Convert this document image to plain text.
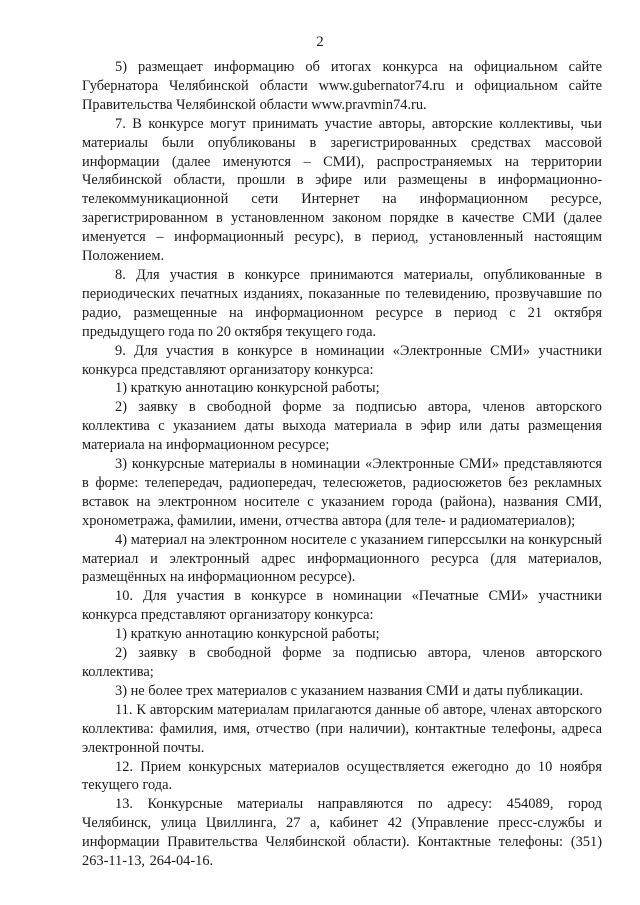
2

5) размещает информацию об итогах конкурса на официальном сайте Губернатора Челябинской области www.gubernator74.ru и официальном сайте Правительства Челябинской области www.pravmin74.ru.

7. В конкурсе могут принимать участие авторы, авторские коллективы, чьи материалы были опубликованы в зарегистрированных средствах массовой информации (далее именуются – СМИ), распространяемых на территории Челябинской области, прошли в эфире или размещены в информационно-телекоммуникационной сети Интернет на информационном ресурсе, зарегистрированном в установленном законом порядке в качестве СМИ (далее именуется – информационный ресурс), в период, установленный настоящим Положением.

8. Для участия в конкурсе принимаются материалы, опубликованные в периодических печатных изданиях, показанные по телевидению, прозвучавшие по радио, размещенные на информационном ресурсе в период с 21 октября предыдущего года по 20 октября текущего года.

9. Для участия в конкурсе в номинации «Электронные СМИ» участники конкурса представляют организатору конкурса:

1) краткую аннотацию конкурсной работы;

2) заявку в свободной форме за подписью автора, членов авторского коллектива с указанием даты выхода материала в эфир или даты размещения материала на информационном ресурсе;

3) конкурсные материалы в номинации «Электронные СМИ» представляются в форме: телепередач, радиопередач, телесюжетов, радиосюжетов без рекламных вставок на электронном носителе с указанием города (района), названия СМИ, хронометража, фамилии, имени, отчества автора (для теле- и радиоматериалов);

4) материал на электронном носителе с указанием гиперссылки на конкурсный материал и электронный адрес информационного ресурса (для материалов, размещённых на информационном ресурсе).

10. Для участия в конкурсе в номинации «Печатные СМИ» участники конкурса представляют организатору конкурса:

1) краткую аннотацию конкурсной работы;

2) заявку в свободной форме за подписью автора, членов авторского коллектива;

3) не более трех материалов с указанием названия СМИ и даты публикации.

11. К авторским материалам прилагаются данные об авторе, членах авторского коллектива: фамилия, имя, отчество (при наличии), контактные телефоны, адреса электронной почты.

12. Прием конкурсных материалов осуществляется ежегодно до 10 ноября текущего года.

13. Конкурсные материалы направляются по адресу: 454089, город Челябинск, улица Цвиллинга, 27 а, кабинет 42 (Управление пресс-службы и информации Правительства Челябинской области). Контактные телефоны: (351) 263-11-13, 264-04-16.
